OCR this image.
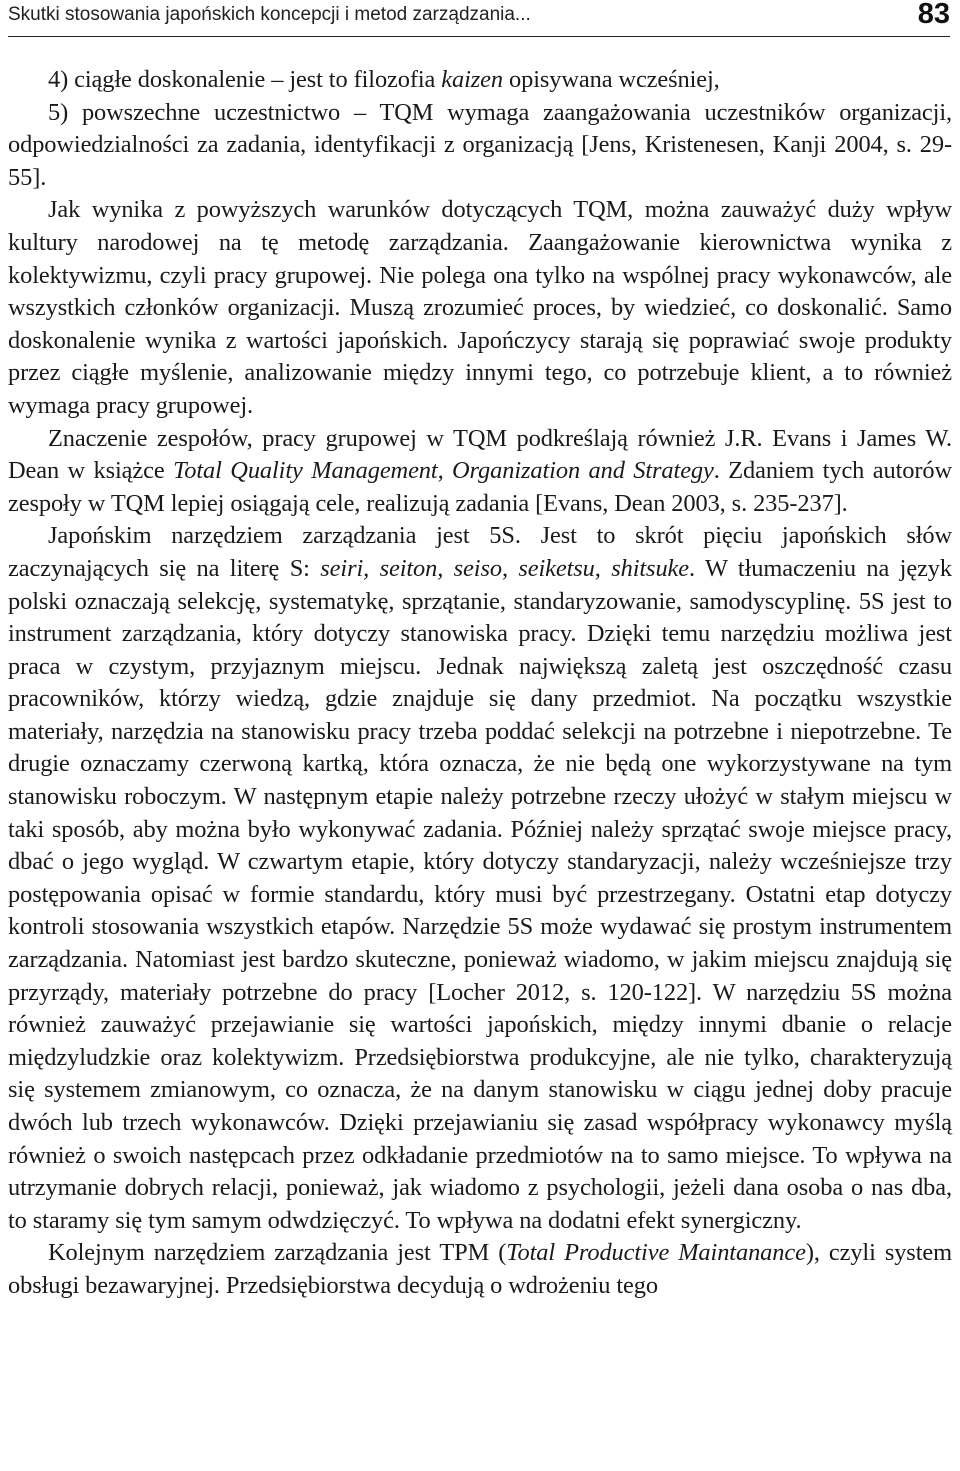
Skutki stosowania japońskich koncepcji i metod zarządzania...	83

4) ciągłe doskonalenie – jest to filozofia kaizen opisywana wcześniej,

5) powszechne uczestnictwo – TQM wymaga zaangażowania uczestników organizacji, odpowiedzialności za zadania, identyfikacji z organizacją [Jens, Kristenesen, Kanji 2004, s. 29-55].

Jak wynika z powyższych warunków dotyczących TQM, można zauważyć duży wpływ kultury narodowej na tę metodę zarządzania. Zaangażowanie kierownictwa wynika z kolektywizmu, czyli pracy grupowej. Nie polega ona tylko na wspólnej pracy wykonawców, ale wszystkich członków organizacji. Muszą zrozumieć proces, by wiedzieć, co doskonalić. Samo doskonalenie wynika z wartości japońskich. Japończycy starają się poprawiać swoje produkty przez ciągłe myślenie, analizowanie między innymi tego, co potrzebuje klient, a to również wymaga pracy grupowej.

Znaczenie zespołów, pracy grupowej w TQM podkreślają również J.R. Evans i James W. Dean w książce Total Quality Management, Organization and Strategy. Zdaniem tych autorów zespoły w TQM lepiej osiągają cele, realizują zadania [Evans, Dean 2003, s. 235-237].

Japońskim narzędziem zarządzania jest 5S. Jest to skrót pięciu japońskich słów zaczynających się na literę S: seiri, seiton, seiso, seiketsu, shitsuke. W tłumaczeniu na język polski oznaczają selekcję, systematykę, sprzątanie, standaryzowanie, samodyscyplinę. 5S jest to instrument zarządzania, który dotyczy stanowiska pracy. Dzięki temu narzędziu możliwa jest praca w czystym, przyjaznym miejscu. Jednak największą zaletą jest oszczędność czasu pracowników, którzy wiedzą, gdzie znajduje się dany przedmiot. Na początku wszystkie materiały, narzędzia na stanowisku pracy trzeba poddać selekcji na potrzebne i niepotrzebne. Te drugie oznaczamy czerwoną kartką, która oznacza, że nie będą one wykorzystywane na tym stanowisku roboczym. W następnym etapie należy potrzebne rzeczy ułożyć w stałym miejscu w taki sposób, aby można było wykonywać zadania. Później należy sprzątać swoje miejsce pracy, dbać o jego wygląd. W czwartym etapie, który dotyczy standaryzacji, należy wcześniejsze trzy postępowania opisać w formie standardu, który musi być przestrzegany. Ostatni etap dotyczy kontroli stosowania wszystkich etapów. Narzędzie 5S może wydawać się prostym instrumentem zarządzania. Natomiast jest bardzo skuteczne, ponieważ wiadomo, w jakim miejscu znajdują się przyrządy, materiały potrzebne do pracy [Locher 2012, s. 120-122]. W narzędziu 5S można również zauważyć przejawianie się wartości japońskich, między innymi dbanie o relacje międzyludzkie oraz kolektywizm. Przedsiębiorstwa produkcyjne, ale nie tylko, charakteryzują się systemem zmianowym, co oznacza, że na danym stanowisku w ciągu jednej doby pracuje dwóch lub trzech wykonawców. Dzięki przejawianiu się zasad współpracy wykonawcy myślą również o swoich następcach przez odkładanie przedmiotów na to samo miejsce. To wpływa na utrzymanie dobrych relacji, ponieważ, jak wiadomo z psychologii, jeżeli dana osoba o nas dba, to staramy się tym samym odwdzięczyć. To wpływa na dodatni efekt synergiczny.

Kolejnym narzędziem zarządzania jest TPM (Total Productive Maintanance), czyli system obsługi bezawaryjnej. Przedsiębiorstwa decydują o wdrożeniu tego
